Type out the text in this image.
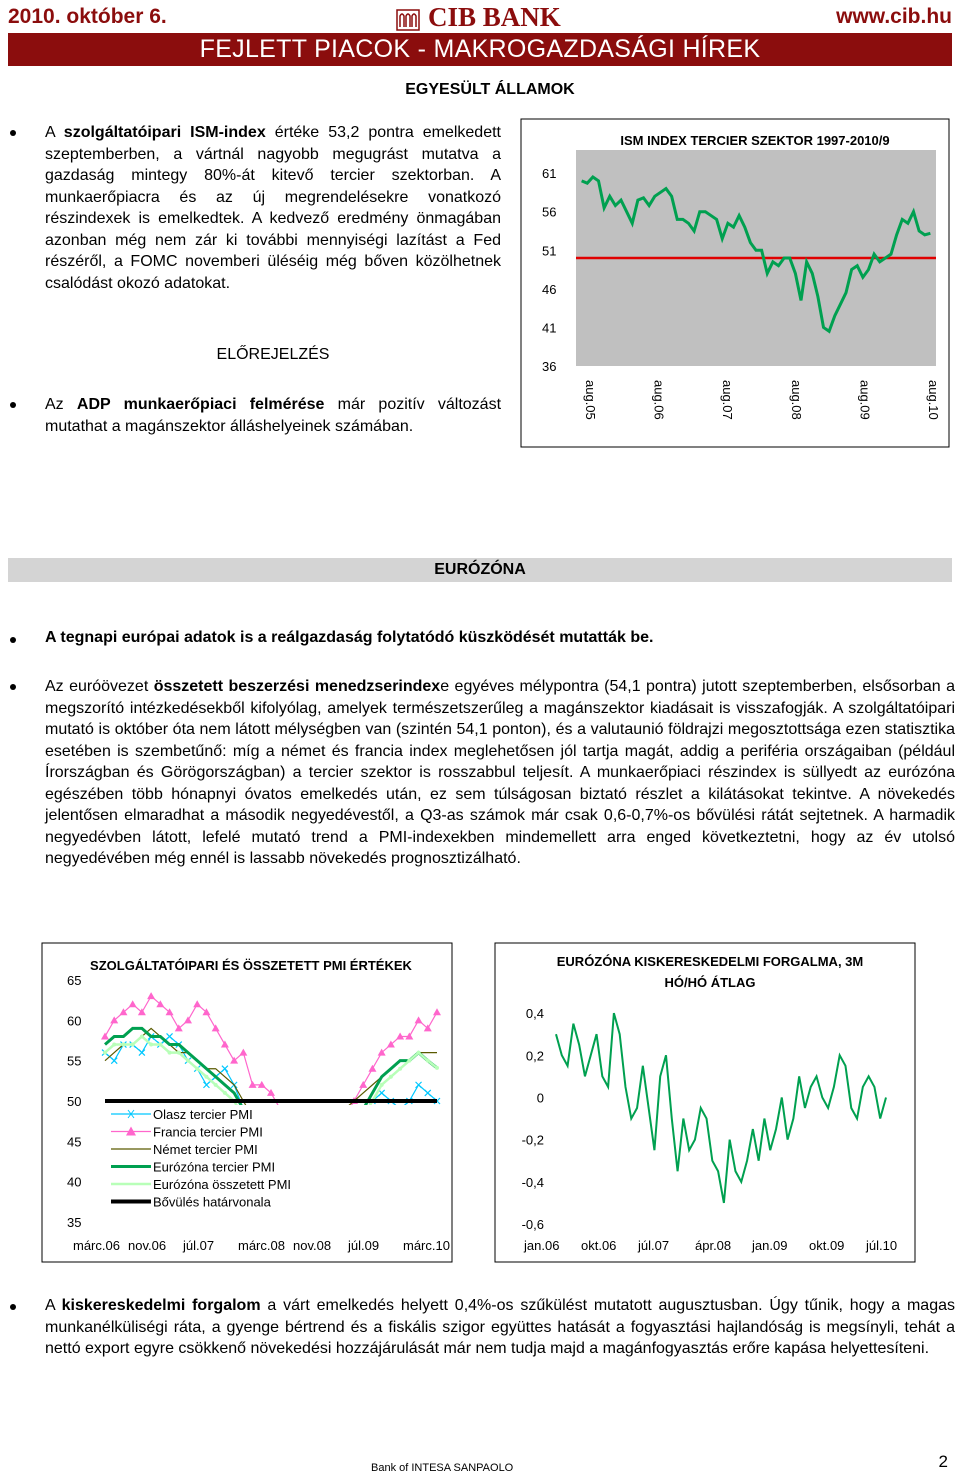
2010. október 6.	CIB BANK	www.cib.hu
FEJLETT PIACOK - MAKROGAZDASÁGI HÍREK
EGYESÜLT ÁLLAMOK
A szolgáltatóipari ISM-index értéke 53,2 pontra emelkedett szeptemberben, a vártnál nagyobb megugrást mutatva a gazdaság mintegy 80%-át kitevő tercier szektorban. A munkaerőpiacra és az új megrendelésekre vonatkozó részindexek is emelkedtek. A kedvező eredmény önmagában azonban még nem zár ki további mennyiségi lazítást a Fed részéről, a FOMC novemberi üléséig még bőven közölhetnek csalódást okozó adatokat.
ELŐREJELZÉS
Az ADP munkaerőpiaci felmérése már pozitív változást mutathat a magánszektor álláshelyeinek számában.
ISM INDEX TERCIER SZEKTOR 1997-2010/9
61
56
51
46
41
36
aug.05	aug.06	aug.07	aug.08	aug.09	aug.10
EURÓZÓNA
A tegnapi európai adatok is a reálgazdaság folytatódó küszködését mutatták be.
Az euróövezet összetett beszerzési menedzserindexe egyéves mélypontra (54,1 pontra) jutott szeptemberben, elsősorban a megszorító intézkedésekből kifolyólag, amelyek természetszerűleg a magánszektor kiadásait is visszafogják. A szolgáltatóipari mutató is október óta nem látott mélységben van (szintén 54,1 ponton), és a valutaunió földrajzi megosztottsága ezen statisztika esetében is szembetűnő: míg a német és francia index meglehetősen jól tartja magát, addig a periféria országaiban (például Írországban és Görögországban) a tercier szektor is rosszabbul teljesít. A munkaerőpiaci részindex is süllyedt az eurózóna egészében több hónapnyi óvatos emelkedés után, ez sem túlságosan biztató részlet a kilátásokat tekintve. A növekedés jelentősen elmaradhat a második negyedévestől, a Q3-as számok már csak 0,6-0,7%-os bővülési rátát sejtetnek. A harmadik negyedévben látott, lefelé mutató trend a PMI-indexekben mindemellett arra enged következtetni, hogy az év utolsó negyedévében még ennél is lassabb növekedés prognosztizálható.
SZOLGÁLTATÓIPARI ÉS ÖSSZETETT PMI ÉRTÉKEK
65
60
55
50
45
40
35
Olasz tercier PMI
Francia tercier PMI
Német tercier PMI
Eurózóna tercier PMI
Eurózóna összetett PMI
Bővülés határvonala
márc.06 nov.06 júl.07 márc.08 nov.08 júl.09 márc.10
EURÓZÓNA KISKERESKEDELMI FORGALMA, 3M
HÓ/HÓ ÁTLAG
0,4
0,2
0
-0,2
-0,4
-0,6
jan.06 okt.06 júl.07 ápr.08 jan.09 okt.09 júl.10
A kiskereskedelmi forgalom a várt emelkedés helyett 0,4%-os szűkülést mutatott augusztusban. Úgy tűnik, hogy a magas munkanélküliségi ráta, a gyenge bértrend és a fiskális szigor együttes hatását a fogyasztási hajlandóság is megsínyli, tehát a nettó export egyre csökkenő növekedési hozzájárulását már nem tudja majd a magánfogyasztás erőre kapása helyettesíteni.
Bank of INTESA SANPAOLO	2
